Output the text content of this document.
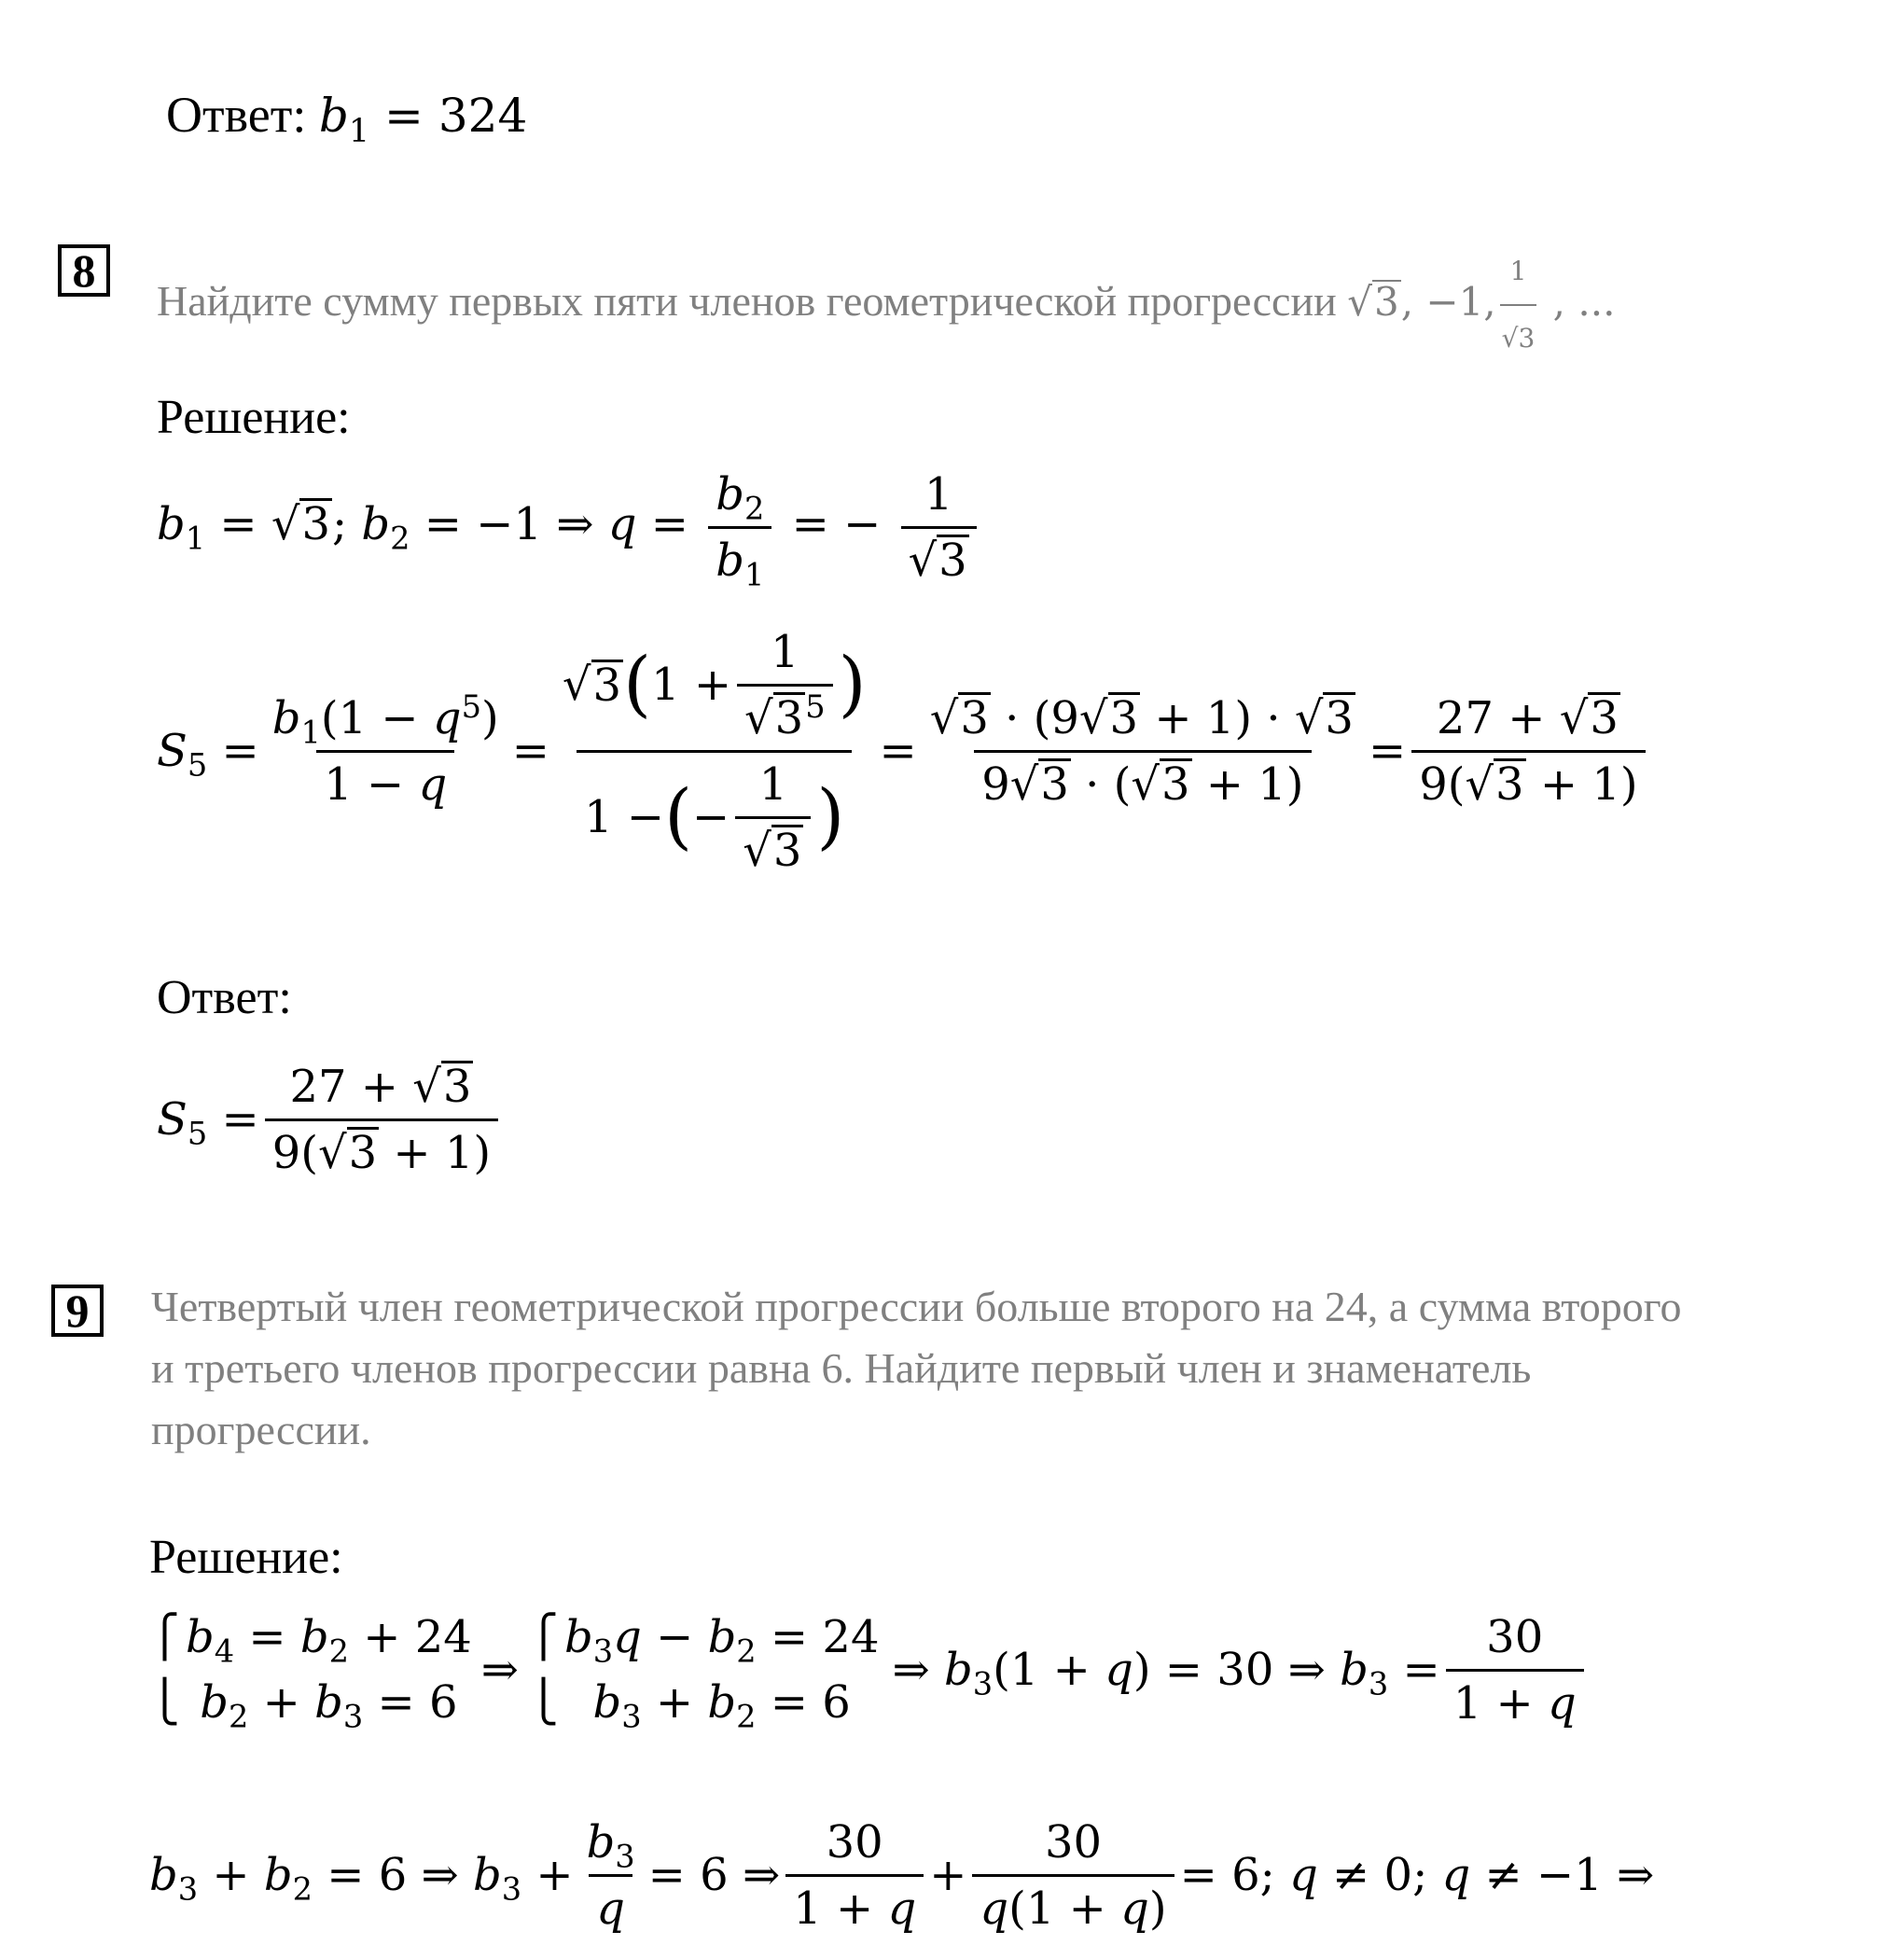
Ответ: $b_1 = 324$
8
Найдите сумму первых пяти членов геометрической прогрессии √3, −1, $\frac{1}{√3}$ , ...
Решение:
$b_1 = √3$; $b_2 = -1$ ⇒ $q = \frac{b_2}{b_1}$ = − $\frac{1}{√3}$
$S_5 = \frac{b_1(1 - q^5)}{1 - q} = \frac{√ 3 ( 1 + \frac{1}{√3^5} )}{1 - ( - \frac{1}{√3} )} = \frac{√3 \cdot (9√3 + 1) \cdot √3}{9√3 \cdot (√3 + 1)} = \frac{27 + √3}{9(√3 + 1)}$
Ответ:
$S_5 = \frac{27 + √3}{9(√3 + 1)}$
9	Четвертый член геометрической прогрессии больше второго на 24, а сумма второго
и третьего членов прогрессии равна 6. Найдите первый член и знаменатель
прогрессии.
Решение:
⎧
⎩
$b_4 = b_2 + 24$
$b_2 + b_3 = 6$
⇒
⎧
⎩
$b_3q - b_2 = 24$
$b_3 + b_2 = 6$
⇒ $b_3(1 + q) = 30$ ⇒ $b_3 = \frac{30}{1 + q}$
$b_3 + b_2 = 6$ ⇒ $b_3 + \frac{b_3}{q} = 6$ ⇒ $\frac{30}{1 + q} + \frac{30}{q(1 + q)} = 6$; q ≠ 0; q ≠ −1 ⇒
